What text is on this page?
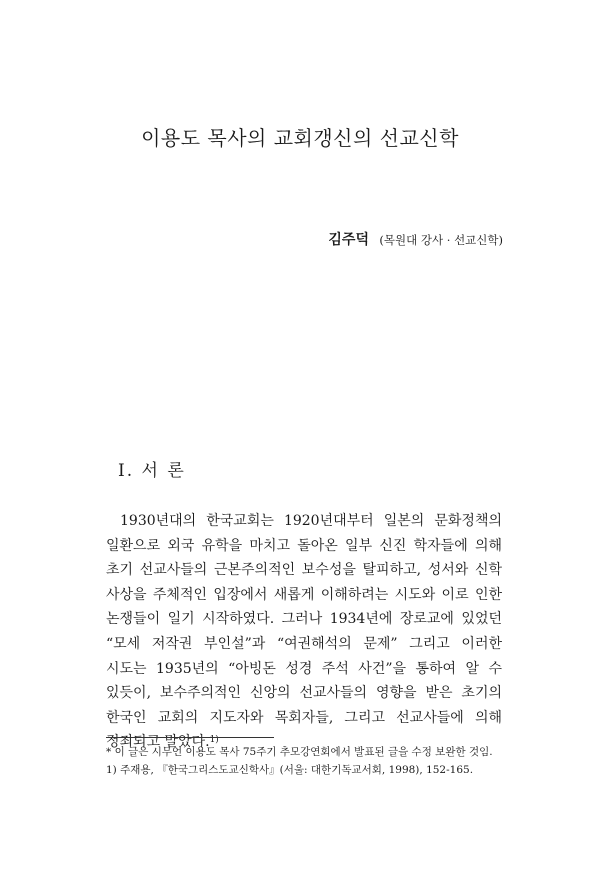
이용도 목사의 교회갱신의 선교신학
김주덕 (목원대 강사 · 선교신학)
I. 서 론

1930년대의 한국교회는 1920년대부터 일본의 문화정책의 일환으로 외국 유학을 마치고 돌아온 일부 신진 학자들에 의해 초기 선교사들의 근본주의적인 보수성을 탈피하고, 성서와 신학 사상을 주체적인 입장에서 새롭게 이해하려는 시도와 이로 인한 논쟁들이 일기 시작하였다. 그러나 1934년에 장로교에 있었던 “모세 저작권 부인설”과 “여권해석의 문제” 그리고 이러한 시도는 1935년의 “아빙돈 성경 주석 사건”을 통하여 알 수 있듯이, 보수주의적인 신앙의 선교사들의 영향을 받은 초기의 한국인 교회의 지도자와 목회자들, 그리고 선교사들에 의해 정죄되고 말았다.$^{1)}$

* 이 글은 시무언 이용도 목사 75주기 추모강연회에서 발표된 글을 수정 보완한 것임.
1) 주재용, 『한국그리스도교신학사』(서울: 대한기독교서회, 1998), 152-165.
